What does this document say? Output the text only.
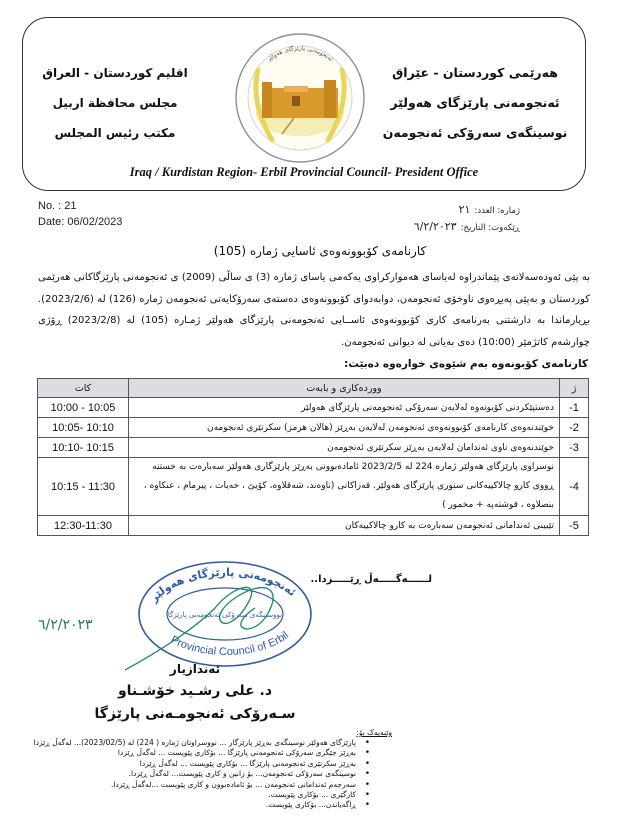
هەرێمی کوردستان - عێراق
ئەنجومەنی پارێزگای هەولێر
نوسینگەی سەرۆکی ئەنجومەن
اقليم كوردستان - العراق
مجلس محافظة اربيل
مكتب رئيس المجلس
ئەنجومەنی پارێزگای هەولێر
Iraq / Kurdistan Region- Erbil Provincial Council- President Office
No. : 21
Date: 06/02/2023
ژمارە: العدد:٢١
ڕێکەوت: التاريخ:٦/٢/٢٠٢٣
کارنامەی کۆبوونەوەی ئاسایی ژمارە (105)
بە پێی ئەودەسەلاتەی پێماندراوە لەیاسای هەموارکراوی یەکەمی یاسای ژمارە (3) ی ساڵی (2009) ی ئەنجومەنی پارێزگاکانی هەرێمی کوردستان و بەپێی پەیڕەوی ناوخۆی ئەنجومەن، دوابەدوای کۆبوونەوەی دەستەی سەرۆکایەتی ئەنجومەن ژمارە (126) لە (2023/2/6). بڕیارماندا بە دارشتنی بەرنامەی کاری کۆبوونەوەی ئاســایی ئەنجومەنی پارێزگای هەولێر ژمـارە (105) لە (2023/2/8) ڕۆژی چوارشەم کاتژمێر (10:00) دەی بەیانی لە دیوانی ئەنجومەن.
کارنامەی کۆبونەوە بەم شێوەی خوارەوە دەبێت:
ژ	ووردەکاری و بابەت	کات
1-	دەستپێکردنی کۆبونەوە لەلایەن سەرۆکی ئەنجومەنی پارێزگای هەولێر	10:05 - 10:00
2-	خوێندنەوەی کارنامەی کۆبوونەوەی ئەنجومەن لەلایەن بەڕێز (هالان هرمز) سکرتێری ئەنجومەن	10:10 -10:05
3-	خوێندنەوەی ناوی ئەندامان لەلایەن بەڕێز سکرتێری ئەنجومەن	10:15 -10:10
4-	نوسراوی پارێزگای هەولێر ژمارە 224 لە 2023/2/5 ئامادەبوونی بەڕێز پارێزگاری هەولێر سەبارەت بە خستنە ڕووی کارو چالاکییەکانی سنوری پارێزگای هەولێر. قەزاکانی (ناوەند، شەقلاوە، کۆیێ ، خەبات ، پیرمام ، عنکاوە ، بنصلاوە ، قوشتەپە + مخمور )	11:30 - 10:15
5-	تێبینی ئەندامانی ئەنجومەن سەبارەت بە کارو چالاکییەکان	12:30-11:30
لــــــەگـــــەڵ ڕێـــــزدا..
ئەنجومەنی پارێزگای هەولێر
نووسینگەی سەرۆکی ئەنجومەنی پارێزگا
Provincial Council of Erbil
٦/٢/٢٠٢٣
ئەندازیار
د. علی رشـید خۆشـناو
سـەرۆکی ئەنجومـەنی پارێزگا
وێنەیەک بۆ:
•
پارێزگای هەولێر نوسینگەی بەڕێز پارێزگار ... نووسراوتان ژمارە ( 224) لە (2023/02/5)... لەگەڵ ڕێزدا
•
بەڕێز جێگری سەرۆکی ئەنجومەنی پارێزگا ... بۆکاری پێویست ... لەگەڵ ڕێزدا
•
بەڕێز سکرتێری ئەنجومەنی پارێزگا ... بۆکاری پێویست ... لەگەڵ ڕێزدا
•
نوسینگەی سەرۆکی ئەنجومەن... بۆ زانین و کاری پێویست... لەگەڵ ڕێزدا.
•
سەرجەم ئەندامانی ئەنجومەن ... بۆ ئامادەبوون و کاری پێویست ...لەگەڵ ڕێزدا.
•
کارگێری ... بۆکاری پێویست.
•
ڕاگەیاندن... بۆکاری پێویست.
